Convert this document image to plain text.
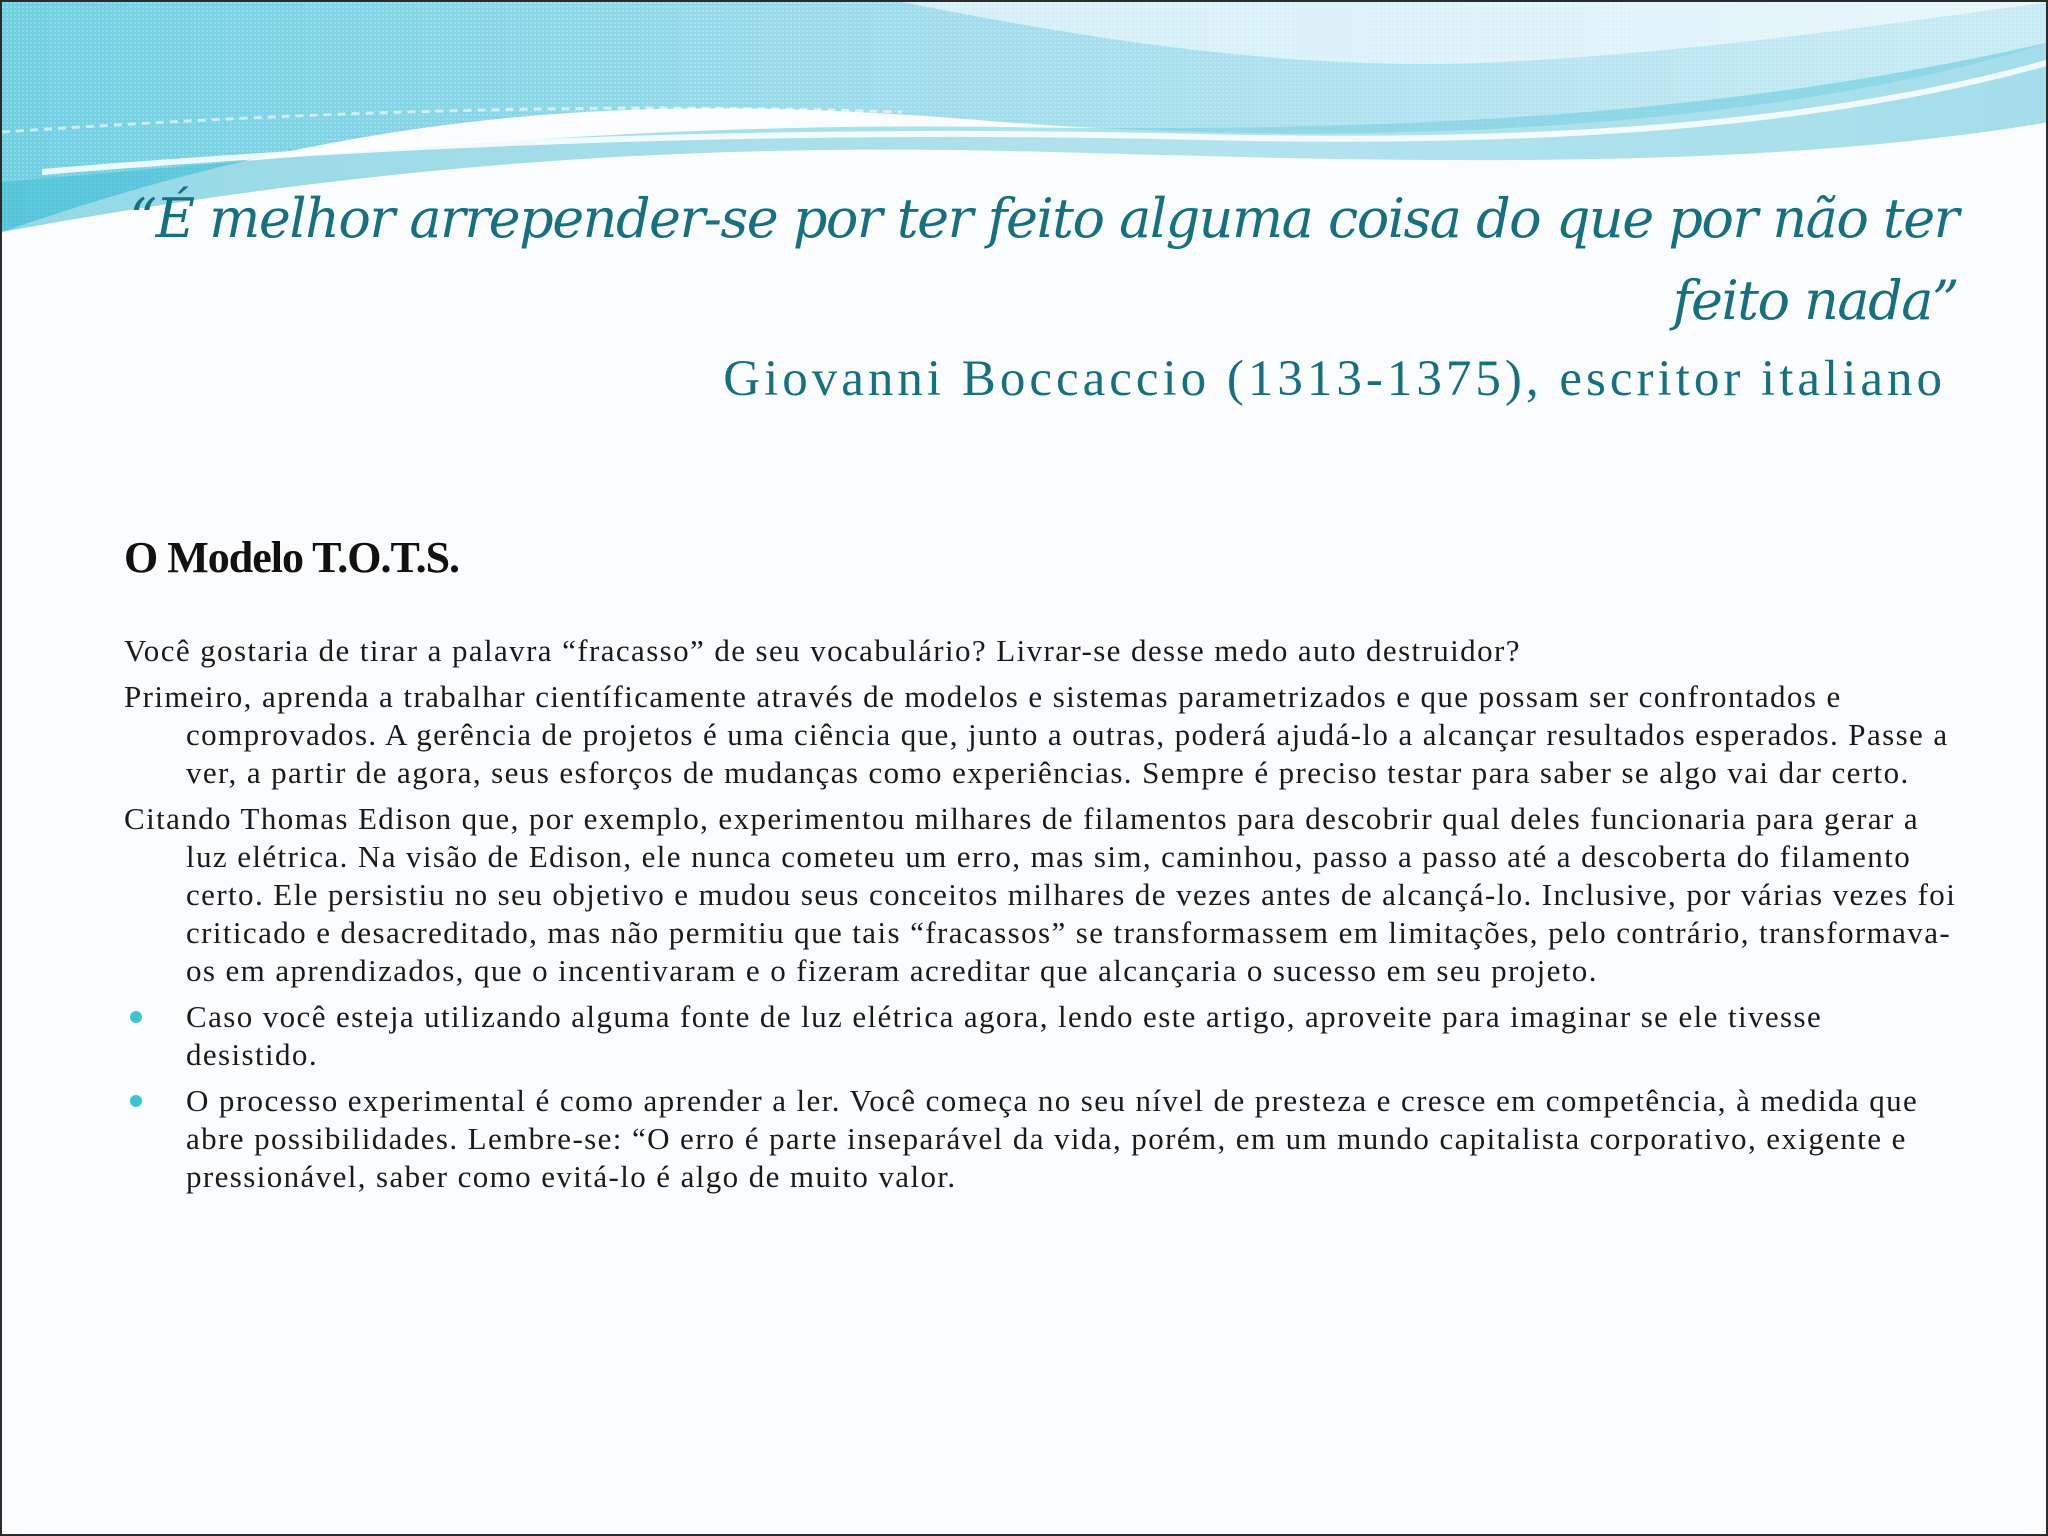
“É melhor arrepender-se por ter feito alguma coisa do que por não ter
feito nada”
Giovanni Boccaccio (1313-1375), escritor italiano
O Modelo T.O.T.S.

Você gostaria de tirar a palavra “fracasso” de seu vocabulário? Livrar-se desse medo auto destruidor?

Primeiro, aprenda a trabalhar científicamente através de modelos e sistemas parametrizados e que possam ser confrontados e comprovados. A gerência de projetos é uma ciência que, junto a outras, poderá ajudá-lo a alcançar resultados esperados. Passe a ver, a partir de agora, seus esforços de mudanças como experiências. Sempre é preciso testar para saber se algo vai dar certo.

Citando Thomas Edison que, por exemplo, experimentou milhares de filamentos para descobrir qual deles funcionaria para gerar a luz elétrica. Na visão de Edison, ele nunca cometeu um erro, mas sim, caminhou, passo a passo até a descoberta do filamento certo. Ele persistiu no seu objetivo e mudou seus conceitos milhares de vezes antes de alcançá-lo. Inclusive, por várias vezes foi criticado e desacreditado, mas não permitiu que tais “fracassos” se transformassem em limitações, pelo contrário, transformava-os em aprendizados, que o incentivaram e o fizeram acreditar que alcançaria o sucesso em seu projeto.

Caso você esteja utilizando alguma fonte de luz elétrica agora, lendo este artigo, aproveite para imaginar se ele tivesse desistido.
O processo experimental é como aprender a ler. Você começa no seu nível de presteza e cresce em competência, à medida que abre possibilidades. Lembre-se: “O erro é parte inseparável da vida, porém, em um mundo capitalista corporativo, exigente e pressionável, saber como evitá-lo é algo de muito valor.
